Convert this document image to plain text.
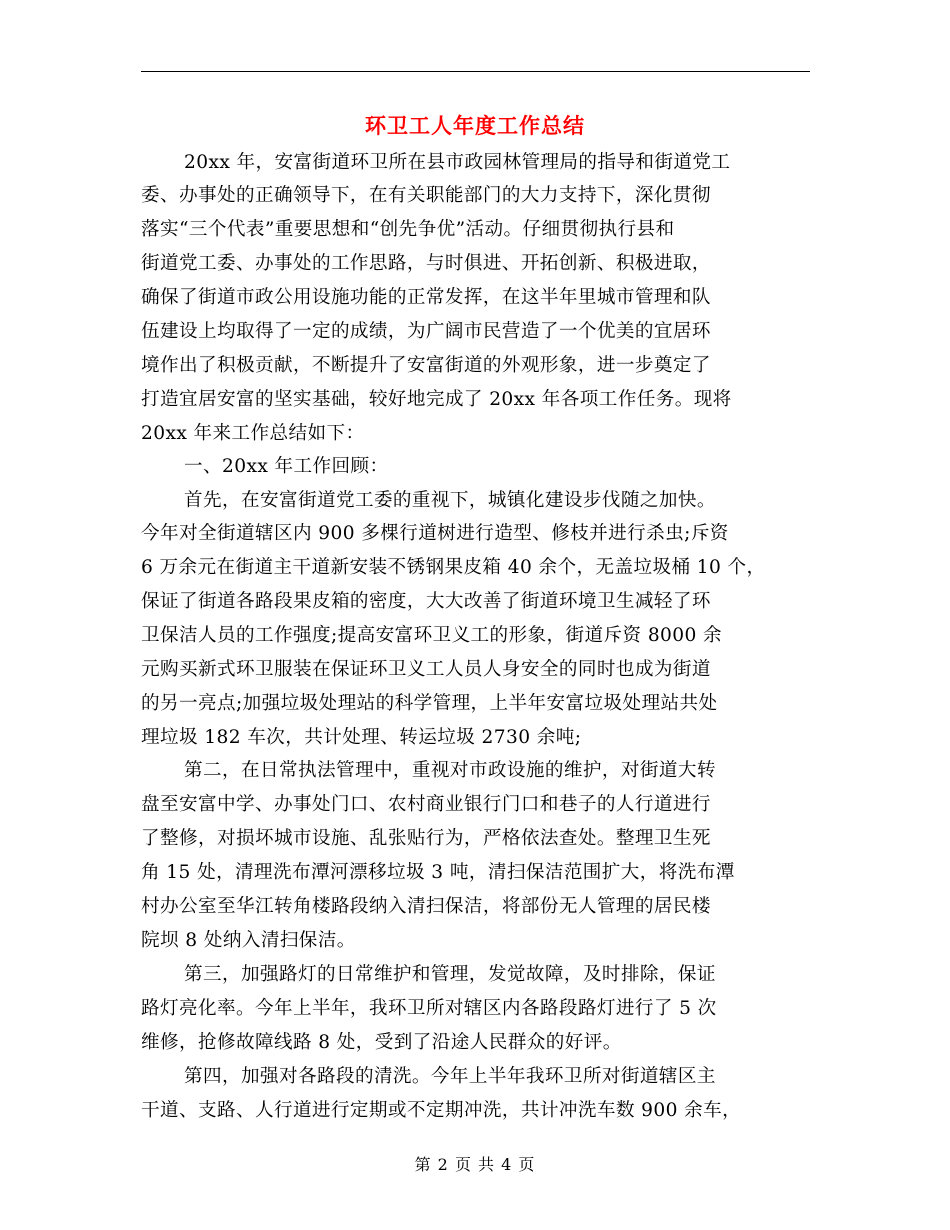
环卫工人年度工作总结
20xx 年，安富街道环卫所在县市政园林管理局的指导和街道党工
委、办事处的正确领导下，在有关职能部门的大力支持下，深化贯彻
落实“三个代表”重要思想和“创先争优”活动。仔细贯彻执行县和
街道党工委、办事处的工作思路，与时俱进、开拓创新、积极进取，
确保了街道市政公用设施功能的正常发挥，在这半年里城市管理和队
伍建设上均取得了一定的成绩，为广阔市民营造了一个优美的宜居环
境作出了积极贡献，不断提升了安富街道的外观形象，进一步奠定了
打造宜居安富的坚实基础，较好地完成了 20xx 年各项工作任务。现将
20xx 年来工作总结如下：
一、20xx 年工作回顾：
首先，在安富街道党工委的重视下，城镇化建设步伐随之加快。
今年对全街道辖区内 900 多棵行道树进行造型、修枝并进行杀虫;斥资
6 万余元在街道主干道新安装不锈钢果皮箱 40 余个，无盖垃圾桶 10 个，
保证了街道各路段果皮箱的密度，大大改善了街道环境卫生减轻了环
卫保洁人员的工作强度;提高安富环卫义工的形象，街道斥资 8000 余
元购买新式环卫服装在保证环卫义工人员人身安全的同时也成为街道
的另一亮点;加强垃圾处理站的科学管理，上半年安富垃圾处理站共处
理垃圾 182 车次，共计处理、转运垃圾 2730 余吨;
第二，在日常执法管理中，重视对市政设施的维护，对街道大转
盘至安富中学、办事处门口、农村商业银行门口和巷子的人行道进行
了整修，对损坏城市设施、乱张贴行为，严格依法查处。整理卫生死
角 15 处，清理洗布潭河漂移垃圾 3 吨，清扫保洁范围扩大，将洗布潭
村办公室至华江转角楼路段纳入清扫保洁，将部份无人管理的居民楼
院坝 8 处纳入清扫保洁。
第三，加强路灯的日常维护和管理，发觉故障，及时排除，保证
路灯亮化率。今年上半年，我环卫所对辖区内各路段路灯进行了 5 次
维修，抢修故障线路 8 处，受到了沿途人民群众的好评。
第四，加强对各路段的清洗。今年上半年我环卫所对街道辖区主
干道、支路、人行道进行定期或不定期冲洗，共计冲洗车数 900 余车，
第 2 页 共 4 页
